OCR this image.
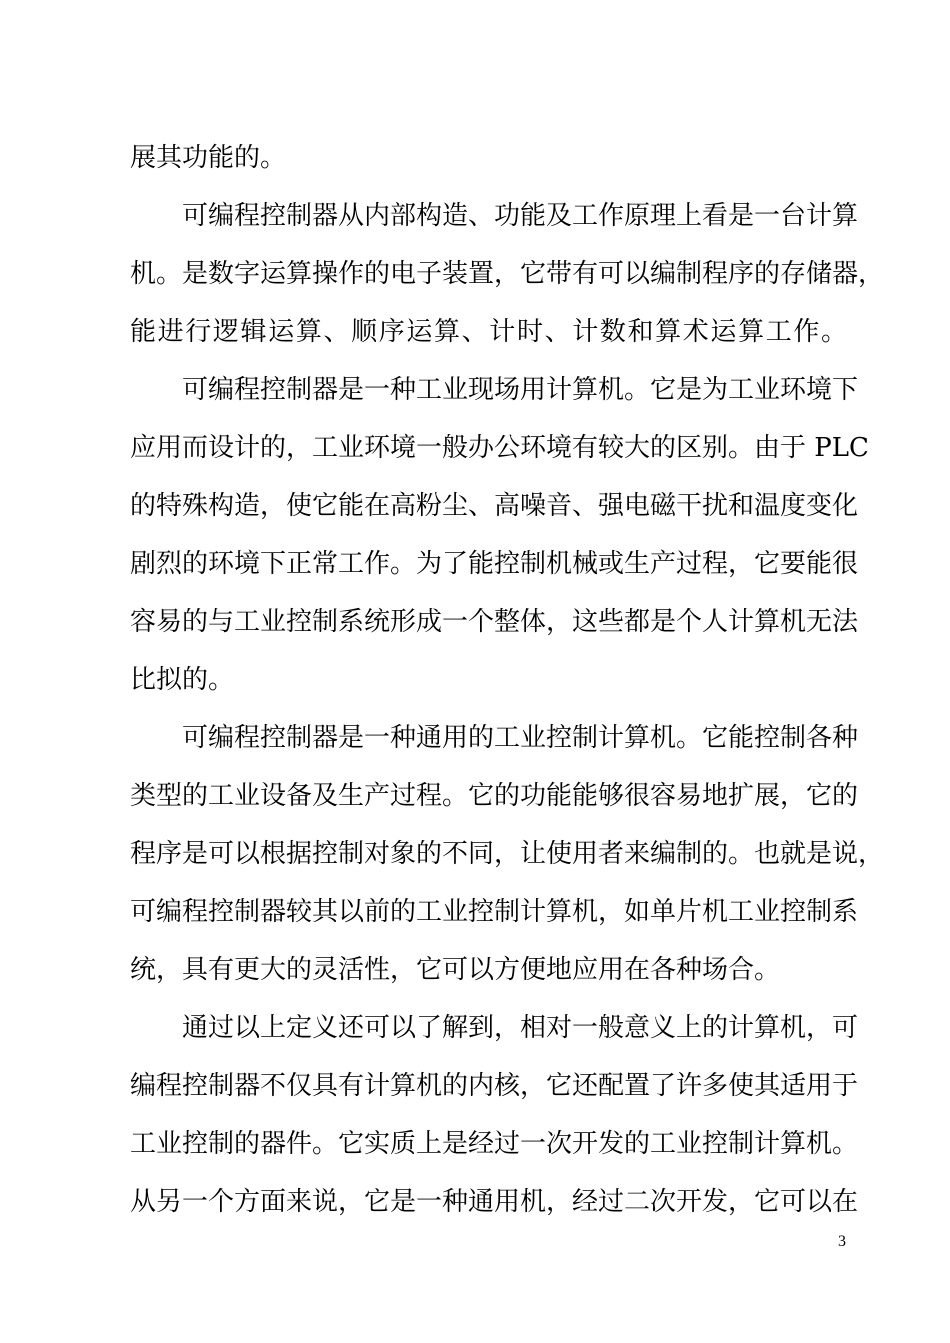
展其功能的。
可编程控制器从内部构造、功能及工作原理上看是一台计算
机。是数字运算操作的电子装置，它带有可以编制程序的存储器，
能进行逻辑运算、顺序运算、计时、计数和算术运算工作。
可编程控制器是一种工业现场用计算机。它是为工业环境下
应用而设计的，工业环境一般办公环境有较大的区别。由于 PLC
的特殊构造，使它能在高粉尘、高噪音、强电磁干扰和温度变化
剧烈的环境下正常工作。为了能控制机械或生产过程，它要能很
容易的与工业控制系统形成一个整体，这些都是个人计算机无法
比拟的。
可编程控制器是一种通用的工业控制计算机。它能控制各种
类型的工业设备及生产过程。它的功能能够很容易地扩展，它的
程序是可以根据控制对象的不同，让使用者来编制的。也就是说，
可编程控制器较其以前的工业控制计算机，如单片机工业控制系
统，具有更大的灵活性，它可以方便地应用在各种场合。
通过以上定义还可以了解到，相对一般意义上的计算机，可
编程控制器不仅具有计算机的内核，它还配置了许多使其适用于
工业控制的器件。它实质上是经过一次开发的工业控制计算机。
从另一个方面来说，它是一种通用机，经过二次开发，它可以在
3
